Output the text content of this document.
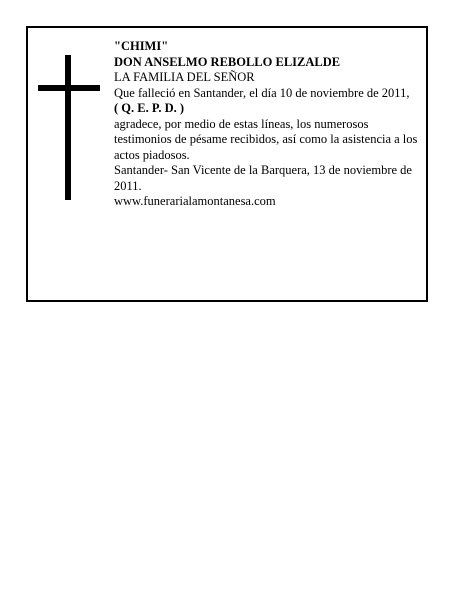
"CHIMI"

DON ANSELMO REBOLLO ELIZALDE

LA FAMILIA DEL SEÑOR

Que falleció en Santander, el día 10 de noviembre de 2011,

( Q. E. P. D. )

agradece, por medio de estas líneas, los numerosos testimonios de pésame recibidos, así como la asistencia a los actos piadosos.

Santander- San Vicente de la Barquera, 13 de noviembre de 2011.

www.funerarialamontanesa.com
